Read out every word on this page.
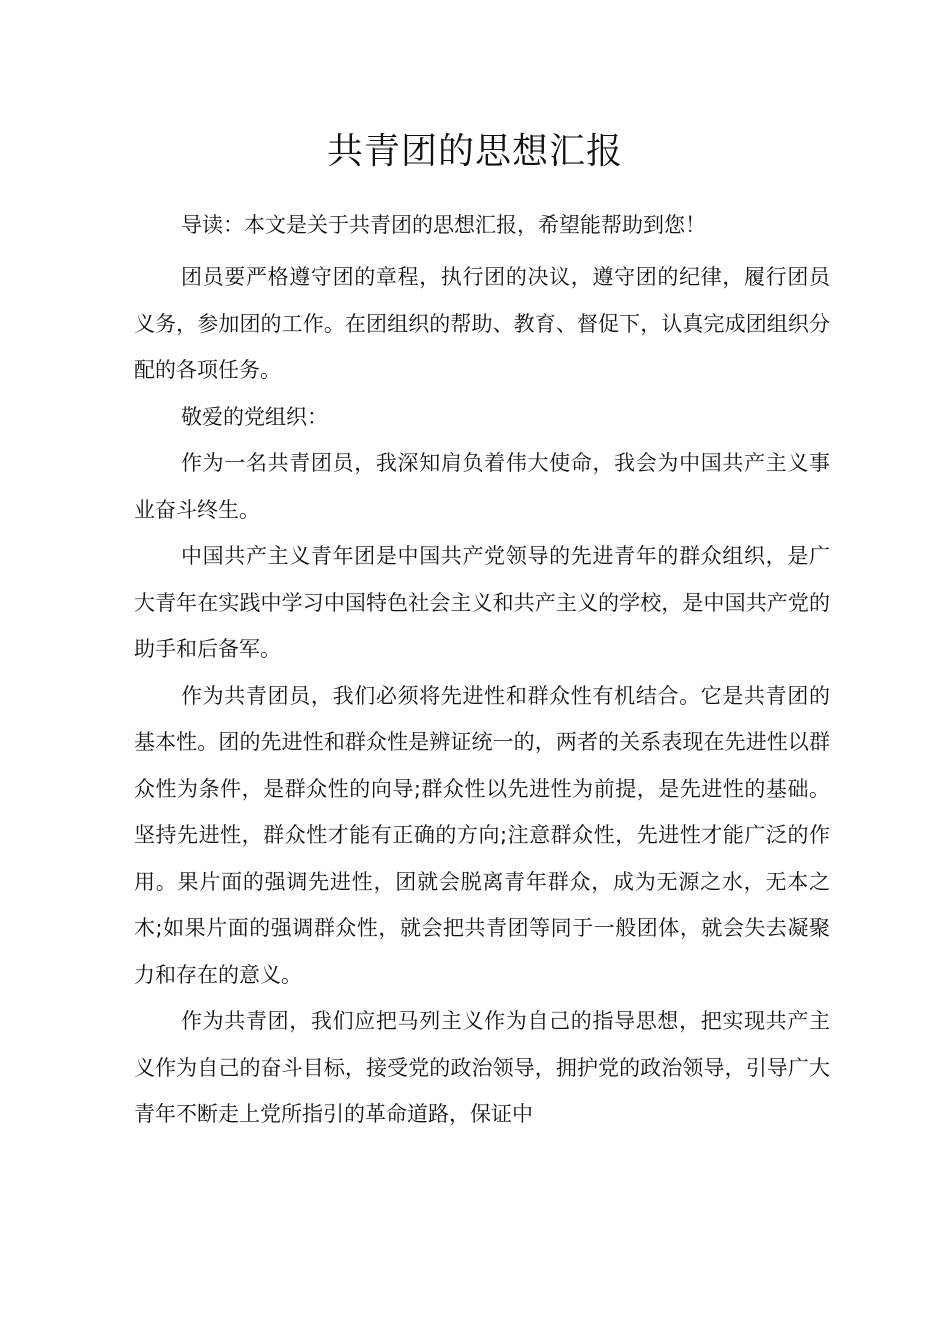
共青团的思想汇报

导读：本文是关于共青团的思想汇报，希望能帮助到您！

团员要严格遵守团的章程，执行团的决议，遵守团的纪律，履行团员义务，参加团的工作。在团组织的帮助、教育、督促下，认真完成团组织分配的各项任务。

敬爱的党组织：

作为一名共青团员，我深知肩负着伟大使命，我会为中国共产主义事业奋斗终生。

中国共产主义青年团是中国共产党领导的先进青年的群众组织，是广大青年在实践中学习中国特色社会主义和共产主义的学校，是中国共产党的助手和后备军。

作为共青团员，我们必须将先进性和群众性有机结合。它是共青团的基本性。团的先进性和群众性是辨证统一的，两者的关系表现在先进性以群众性为条件，是群众性的向导;群众性以先进性为前提，是先进性的基础。坚持先进性，群众性才能有正确的方向;注意群众性，先进性才能广泛的作用。果片面的强调先进性，团就会脱离青年群众，成为无源之水，无本之木;如果片面的强调群众性，就会把共青团等同于一般团体，就会失去凝聚力和存在的意义。

作为共青团，我们应把马列主义作为自己的指导思想，把实现共产主义作为自己的奋斗目标，接受党的政治领导，拥护党的政治领导，引导广大青年不断走上党所指引的革命道路，保证中
